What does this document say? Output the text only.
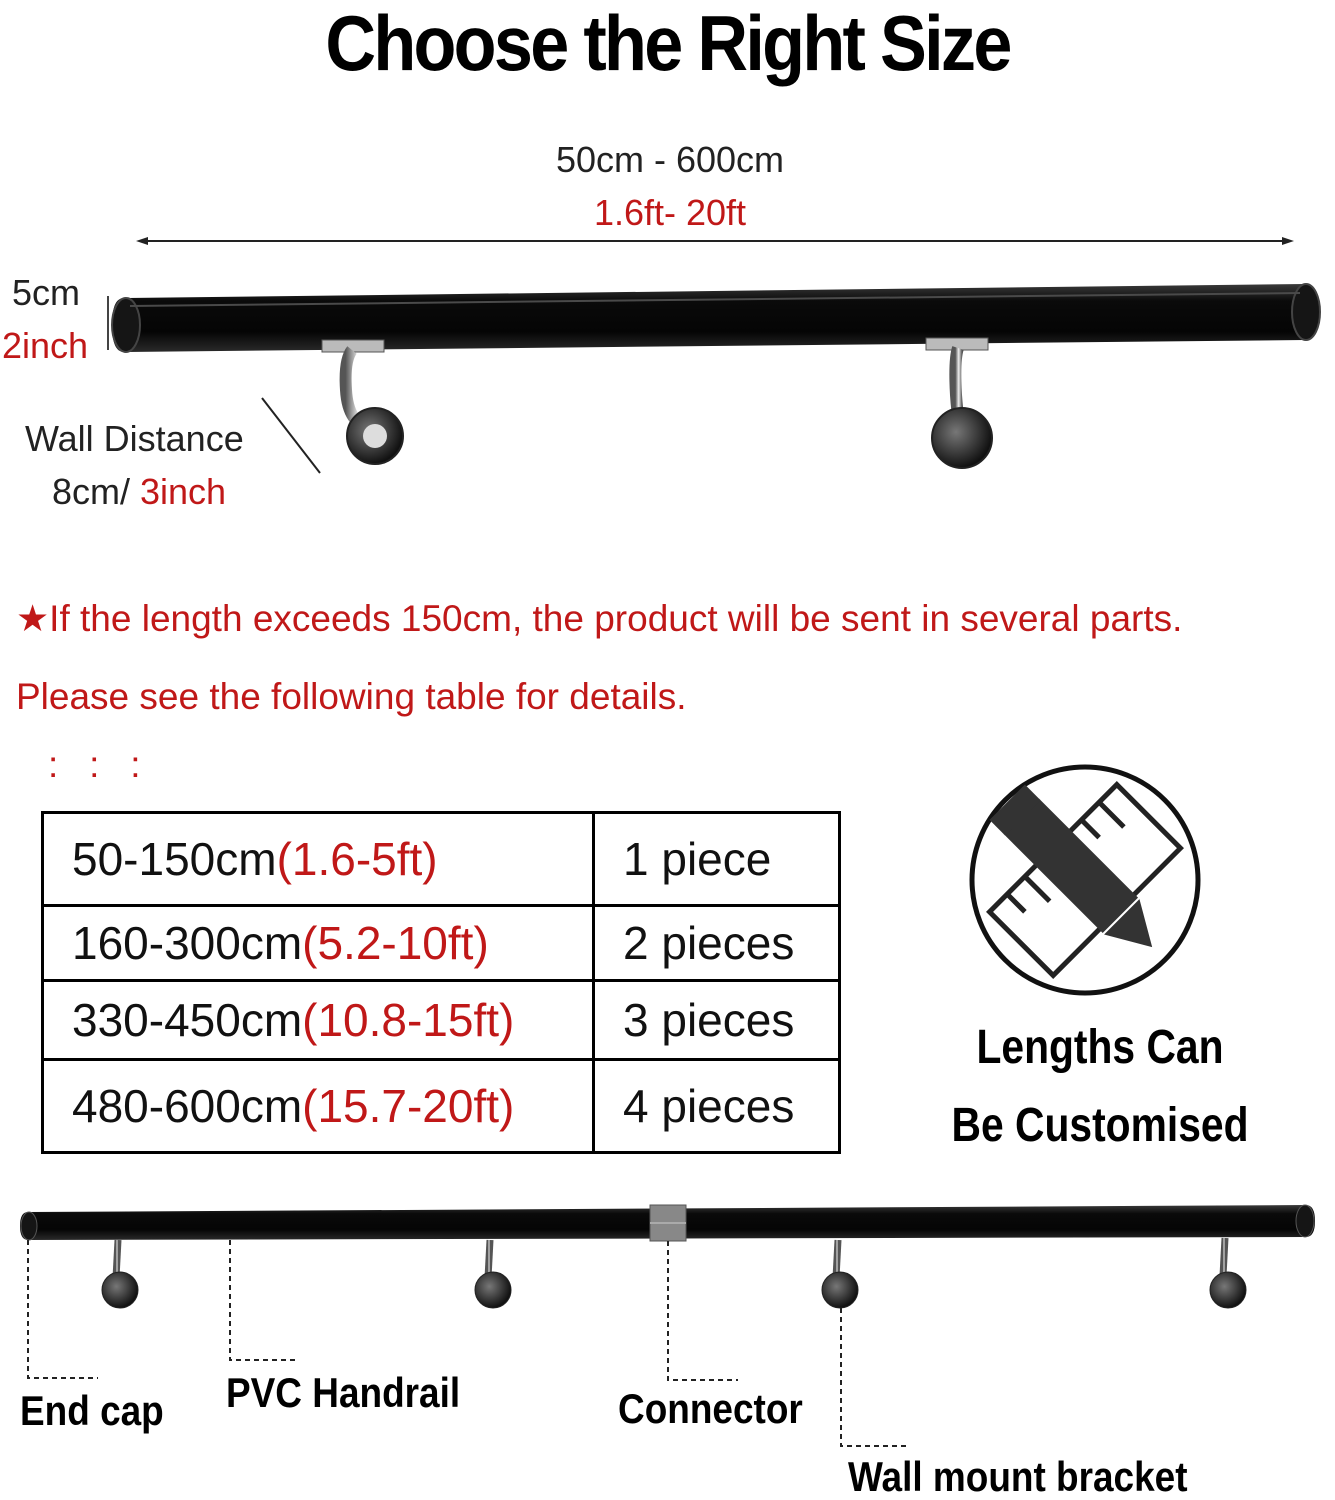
Choose the Right Size
50cm - 600cm
1.6ft- 20ft
5cm
2inch
Wall Distance
8cm/ 3inch
★If the length exceeds 150cm, the product will be sent in several parts.
Please see the following table for details.
:   :   :
50-150cm(1.6-5ft)	1 piece
160-300cm(5.2-10ft)	2 pieces
330-450cm(10.8-15ft)	3 pieces
480-600cm(15.7-20ft)	4 pieces
Lengths Can
Be Customised
End cap PVC Handrail	Connector
Wall mount bracket
